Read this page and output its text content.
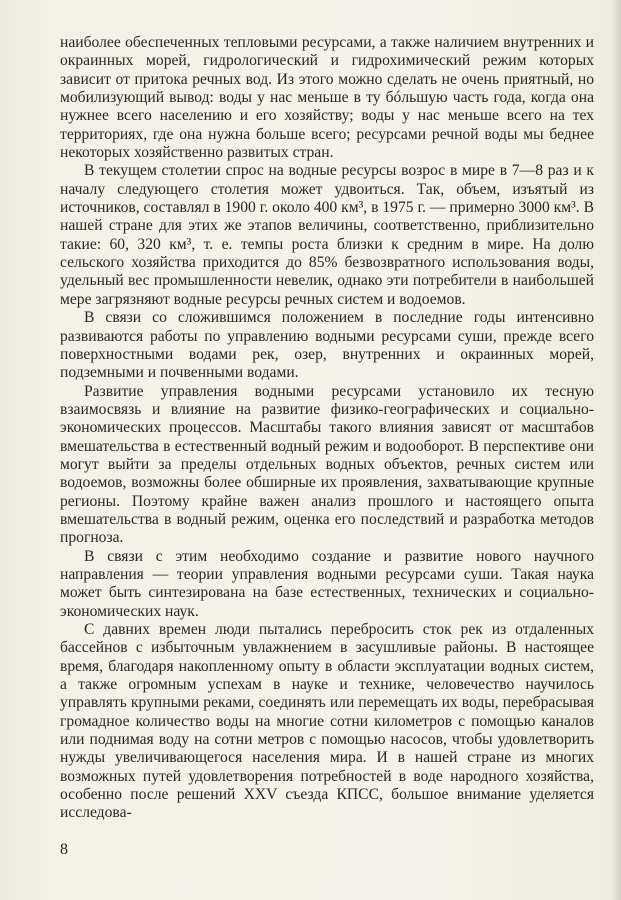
наиболее обеспеченных тепловыми ресурсами, а также наличием внутренних и окраинных морей, гидрологический и гидрохимический режим которых зависит от притока речных вод. Из этого можно сделать не очень приятный, но мобилизующий вывод: воды у нас меньше в ту бóльшую часть года, когда она нужнее всего населению и его хозяйству; воды у нас меньше всего на тех территориях, где она нужна больше всего; ресурсами речной воды мы беднее некоторых хозяйственно развитых стран.

В текущем столетии спрос на водные ресурсы возрос в мире в 7—8 раз и к началу следующего столетия может удвоиться. Так, объем, изъятый из источников, составлял в 1900 г. около 400 км³, в 1975 г. — примерно 3000 км³. В нашей стране для этих же этапов величины, соответственно, приблизительно такие: 60, 320 км³, т. е. темпы роста близки к средним в мире. На долю сельского хозяйства приходится до 85% безвозвратного использования воды, удельный вес промышленности невелик, однако эти потребители в наибольшей мере загрязняют водные ресурсы речных систем и водоемов.

В связи со сложившимся положением в последние годы интенсивно развиваются работы по управлению водными ресурсами суши, прежде всего поверхностными водами рек, озер, внутренних и окраинных морей, подземными и почвенными водами.

Развитие управления водными ресурсами установило их тесную взаимосвязь и влияние на развитие физико-географических и социально-экономических процессов. Масштабы такого влияния зависят от масштабов вмешательства в естественный водный режим и водооборот. В перспективе они могут выйти за пределы отдельных водных объектов, речных систем или водоемов, возможны более обширные их проявления, захватывающие крупные регионы. Поэтому крайне важен анализ прошлого и настоящего опыта вмешательства в водный режим, оценка его последствий и разработка методов прогноза.

В связи с этим необходимо создание и развитие нового научного направления — теории управления водными ресурсами суши. Такая наука может быть синтезирована на базе естественных, технических и социально-экономических наук.

С давних времен люди пытались перебросить сток рек из отдаленных бассейнов с избыточным увлажнением в засушливые районы. В настоящее время, благодаря накопленному опыту в области эксплуатации водных систем, а также огромным успехам в науке и технике, человечество научилось управлять крупными реками, соединять или перемещать их воды, перебрасывая громадное количество воды на многие сотни километров с помощью каналов или поднимая воду на сотни метров с помощью насосов, чтобы удовлетворить нужды увеличивающегося населения мира. И в нашей стране из многих возможных путей удовлетворения потребностей в воде народного хозяйства, особенно после решений XXV съезда КПСС, большое внимание уделяется исследова-

8
